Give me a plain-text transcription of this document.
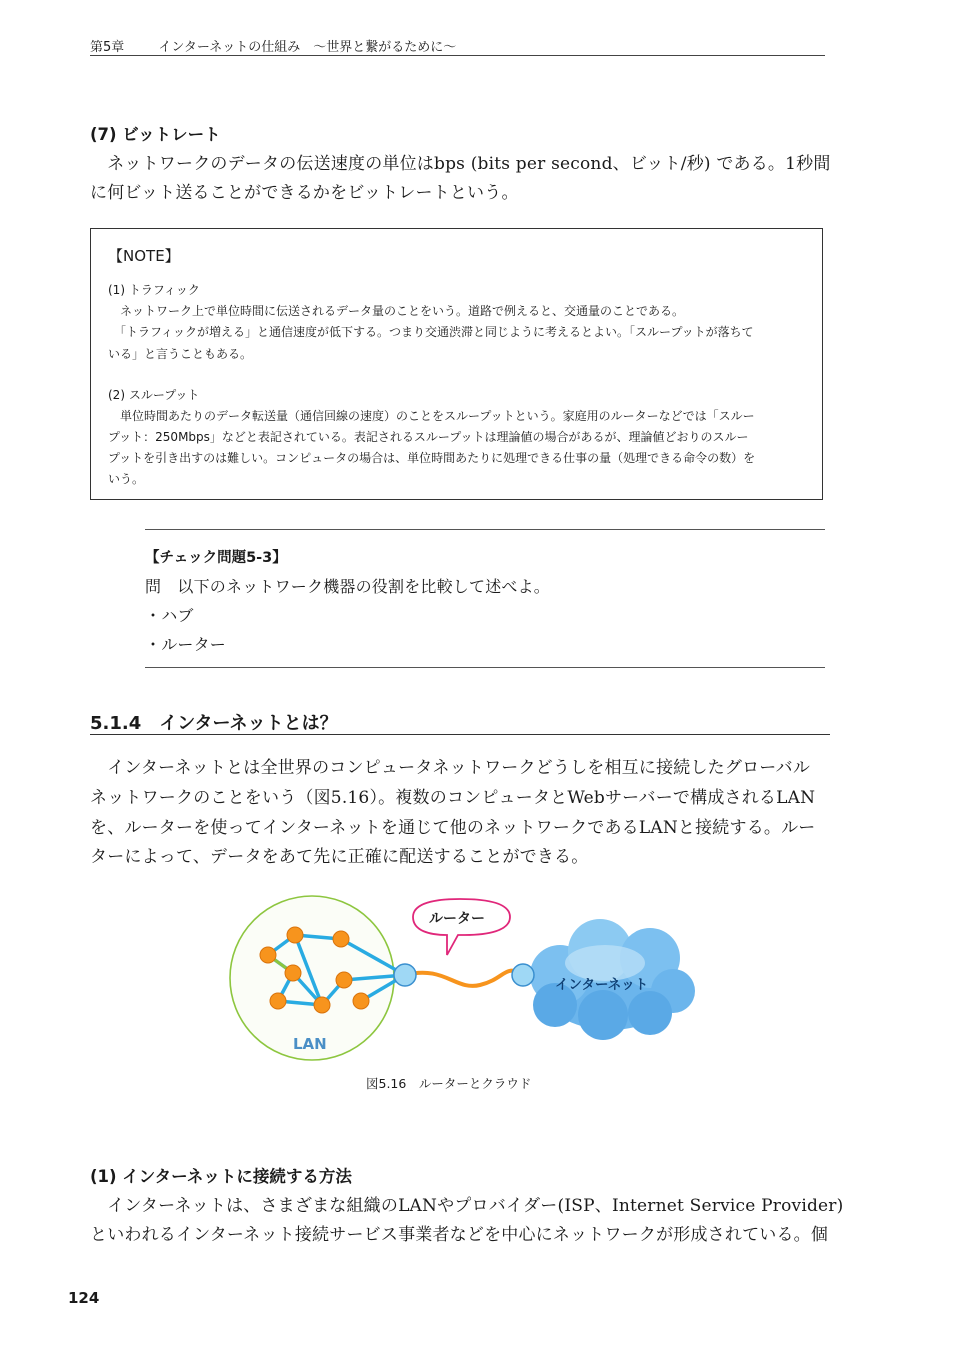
第5章	インターネットの仕組み　〜世界と繋がるために〜
(7) ビットレート
　ネットワークのデータの伝送速度の単位はbps (bits per second、ビット/秒) である。1秒間
に何ビット送ることができるかをビットレートという。
【NOTE】
(1) トラフィック
　ネットワーク上で単位時間に伝送されるデータ量のことをいう。道路で例えると、交通量のことである。
　「トラフィックが増える」と通信速度が低下する。つまり交通渋滞と同じように考えるとよい。「スループットが落ちて
いる」と言うこともある。
(2) スループット
　単位時間あたりのデータ転送量（通信回線の速度）のことをスループットという。家庭用のルーターなどでは「スルー
プット：250Mbps」などと表記されている。表記されるスループットは理論値の場合があるが、理論値どおりのスルー
プットを引き出すのは難しい。コンピュータの場合は、単位時間あたりに処理できる仕事の量（処理できる命令の数）を
いう。
【チェック問題5-3】
問　以下のネットワーク機器の役割を比較して述べよ。
・ハブ
・ルーター
5.1.4　インターネットとは？
　インターネットとは全世界のコンピュータネットワークどうしを相互に接続したグローバル
ネットワークのことをいう（図5.16）。複数のコンピュータとWebサーバーで構成されるLAN
を、ルーターを使ってインターネットを通じて他のネットワークであるLANと接続する。ルー
ターによって、データをあて先に正確に配送することができる。
LAN
インターネット
ルーター
図5.16　ルーターとクラウド
(1) インターネットに接続する方法
　インターネットは、さまざまな組織のLANやプロバイダー(ISP、Internet Service Provider)
といわれるインターネット接続サービス事業者などを中心にネットワークが形成されている。個
124
